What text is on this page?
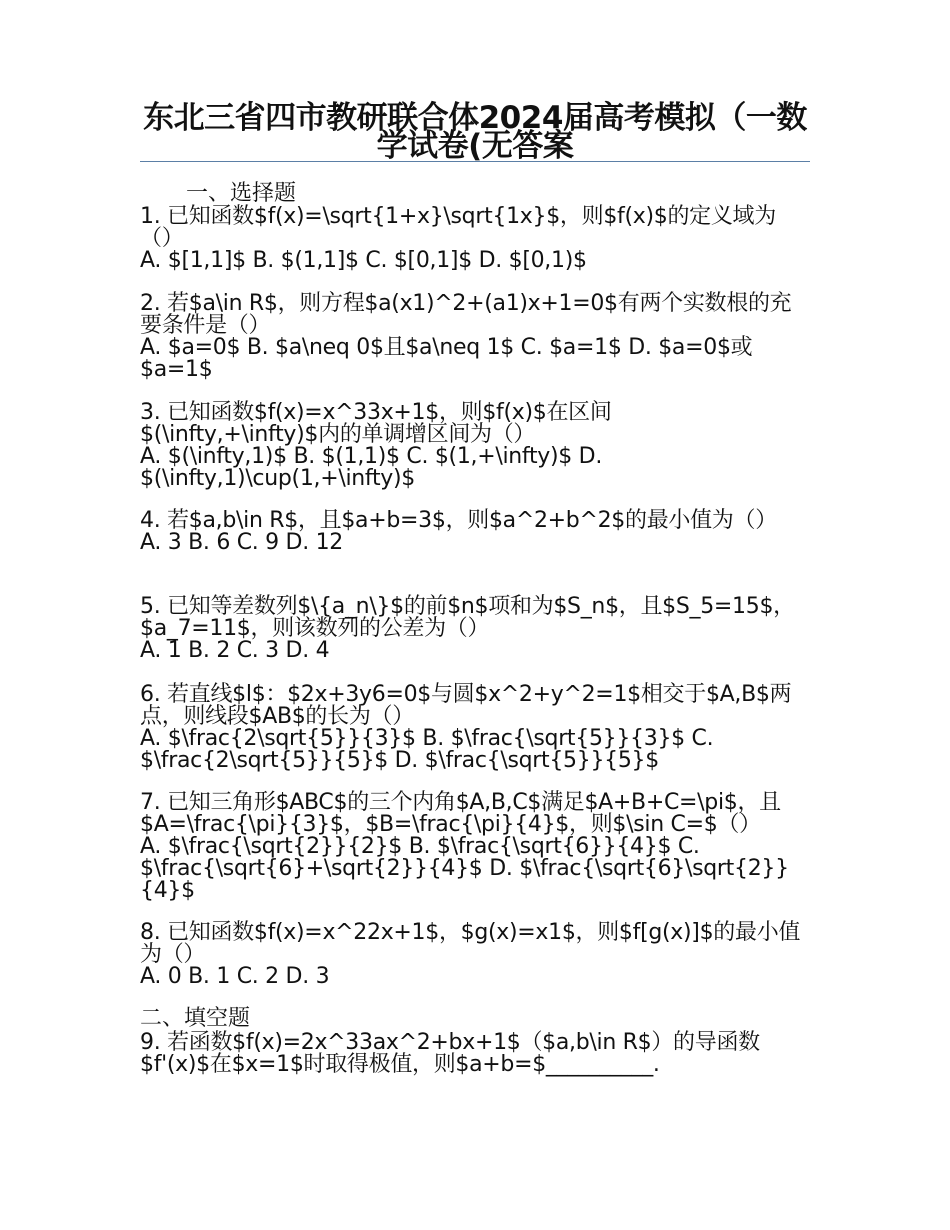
东北三省四市教研联合体2024届高考模拟（一数学试卷(无答案
一、选择题

1. 已知函数$f(x)=\sqrt{1+x}\sqrt{1x}$，则$f(x)$的定义域为（）

A. $[1,1]$ B. $(1,1]$ C. $[0,1]$ D. $[0,1)$

2. 若$a\in R$，则方程$a(x1)^2+(a1)x+1=0$有两个实数根的充要条件是（）

A. $a=0$ B. $a\neq 0$且$a\neq 1$ C. $a=1$ D. $a=0$或$a=1$

3. 已知函数$f(x)=x^33x+1$，则$f(x)$在区间$(\infty,+\infty)$内的单调增区间为（）

A. $(\infty,1)$ B. $(1,1)$ C. $(1,+\infty)$ D. $(\infty,1)\cup(1,+\infty)$

4. 若$a,b\in R$，且$a+b=3$，则$a^2+b^2$的最小值为（）

A. 3 B. 6 C. 9 D. 12

5. 已知等差数列$\{a_n\}$的前$n$项和为$S_n$，且$S_5=15$，$a_7=11$，则该数列的公差为（）

A. 1 B. 2 C. 3 D. 4

6. 若直线$l$：$2x+3y6=0$与圆$x^2+y^2=1$相交于$A,B$两点，则线段$AB$的长为（）

A. $\frac{2\sqrt{5}}{3}$ B. $\frac{\sqrt{5}}{3}$ C. $\frac{2\sqrt{5}}{5}$ D. $\frac{\sqrt{5}}{5}$

7. 已知三角形$ABC$的三个内角$A,B,C$满足$A+B+C=\pi$，且$A=\frac{\pi}{3}$，$B=\frac{\pi}{4}$，则$\sin C=$（）

A. $\frac{\sqrt{2}}{2}$ B. $\frac{\sqrt{6}}{4}$ C. $\frac{\sqrt{6}+\sqrt{2}}{4}$ D. $\frac{\sqrt{6}\sqrt{2}}{4}$

8. 已知函数$f(x)=x^22x+1$，$g(x)=x1$，则$f[g(x)]$的最小值为（）

A. 0 B. 1 C. 2 D. 3

二、填空题

9. 若函数$f(x)=2x^33ax^2+bx+1$（$a,b\in R$）的导函数$f'(x)$在$x=1$时取得极值，则$a+b=$__________.
